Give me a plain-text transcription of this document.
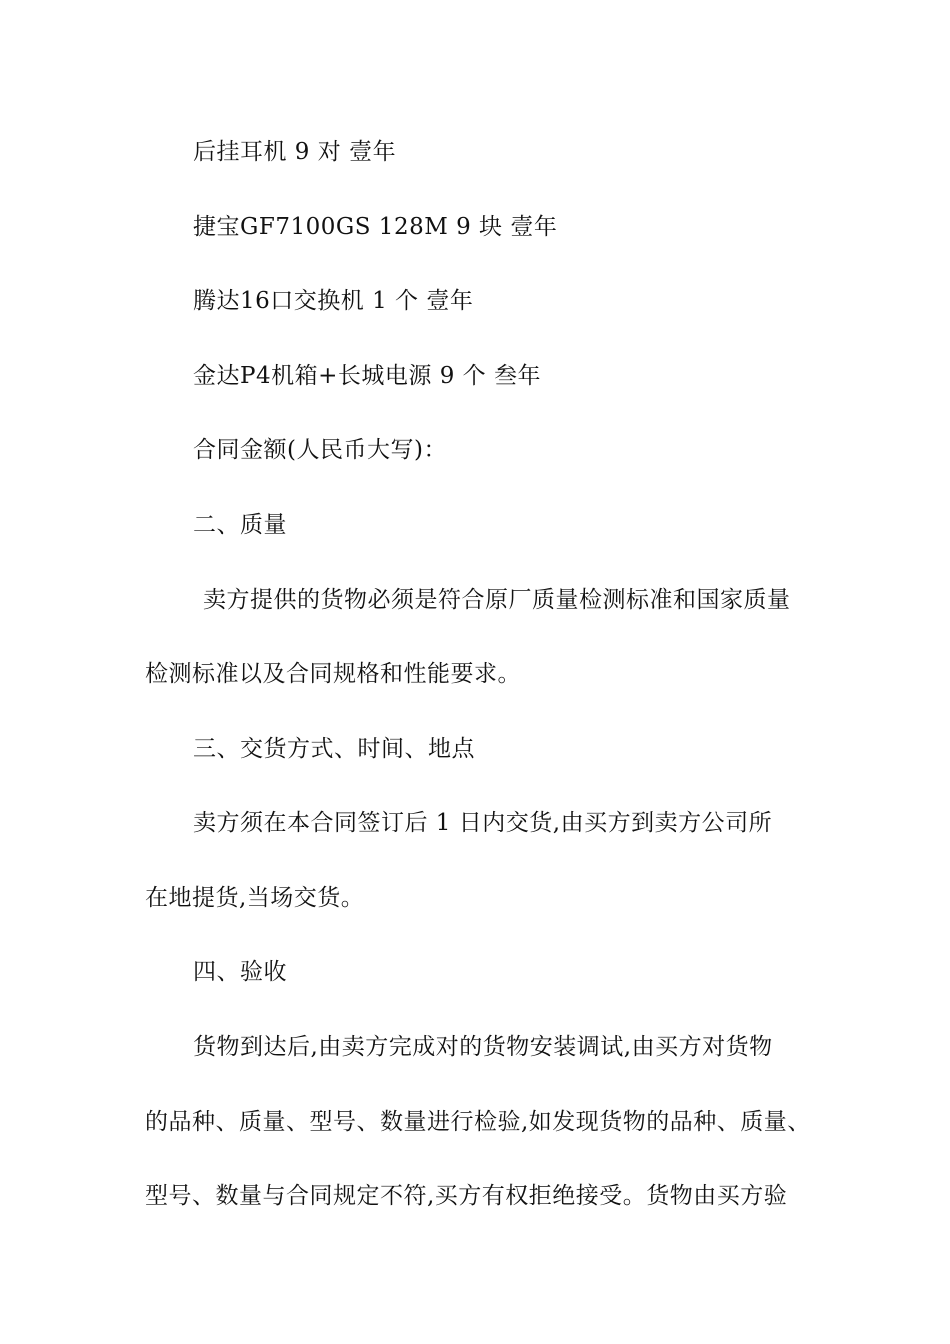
后挂耳机 9 对 壹年
捷宝GF7100GS 128M 9 块 壹年
腾达16口交换机 1 个 壹年
金达P4机箱+长城电源 9 个 叁年
合同金额(人民币大写)：
二、质量
卖方提供的货物必须是符合原厂质量检测标准和国家质量
检测标准以及合同规格和性能要求。
三、交货方式、时间、地点
卖方须在本合同签订后 1 日内交货,由买方到卖方公司所
在地提货,当场交货。
四、验收
货物到达后,由卖方完成对的货物安装调试,由买方对货物
的品种、质量、型号、数量进行检验,如发现货物的品种、质量、
型号、数量与合同规定不符,买方有权拒绝接受。货物由买方验
